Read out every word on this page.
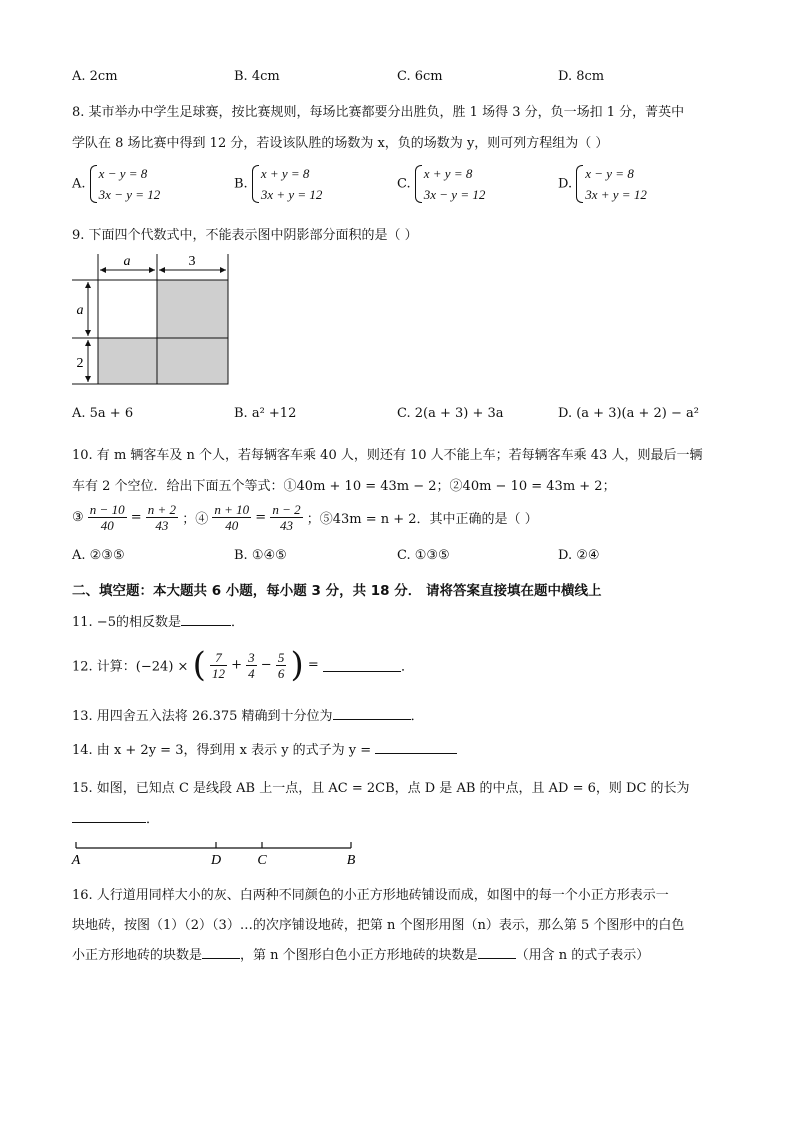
A. 2cm	B. 4cm	C. 6cm	D. 8cm
8. 某市举办中学生足球赛，按比赛规则，每场比赛都要分出胜负，胜 1 场得 3 分，负一场扣 1 分，菁英中
学队在 8 场比赛中得到 12 分，若设该队胜的场数为 x，负的场数为 y，则可列方程组为（ ）
A.
x − y = 8
3x − y = 12
B.
x + y = 8
3x + y = 12
C.
x + y = 8
3x − y = 12
D.
x − y = 8
3x + y = 12
9. 下面四个代数式中，不能表示图中阴影部分面积的是（ ）
a	3
a
2
A. 5a + 6	B. a² +12	C. 2(a + 3) + 3a	D. (a + 3)(a + 2) − a²
10. 有 m 辆客车及 n 个人，若每辆客车乘 40 人，则还有 10 人不能上车；若每辆客车乘 43 人，则最后一辆
车有 2 个空位．给出下面五个等式：①40m + 10 = 43m − 2；②40m − 10 = 43m + 2；
③ $\frac{n - 10}{40} = \frac{n + 2}{43}$ ；④ $\frac{n + 10}{40} = \frac{n - 2}{43}$ ；⑤43m = n + 2．其中正确的是（ ）
A. ②③⑤	B. ①④⑤	C. ①③⑤	D. ②④
二、填空题：本大题共 6 小题，每小题 3 分，共 18 分． 请将答案直接填在题中横线上
11. −5的相反数是	．
12. 计算：(−24) × ( $\frac{7}{12} + \frac{3}{4} - \frac{5}{6}$ ) =	．
13. 用四舍五入法将 26.375 精确到十分位为	．
14. 由 x + 2y = 3，得到用 x 表示 y 的式子为 y =
15. 如图，已知点 C 是线段 AB 上一点，且 AC = 2CB，点 D 是 AB 的中点，且 AD = 6，则 DC 的长为
．
A	D	C	B
16. 人行道用同样大小的灰、白两种不同颜色的小正方形地砖铺设而成，如图中的每一个小正方形表示一
块地砖，按图（1）（2）（3）…的次序铺设地砖，把第 n 个图形用图（n）表示，那么第 5 个图形中的白色
小正方形地砖的块数是	，第 n 个图形白色小正方形地砖的块数是	（用含 n 的式子表示）
